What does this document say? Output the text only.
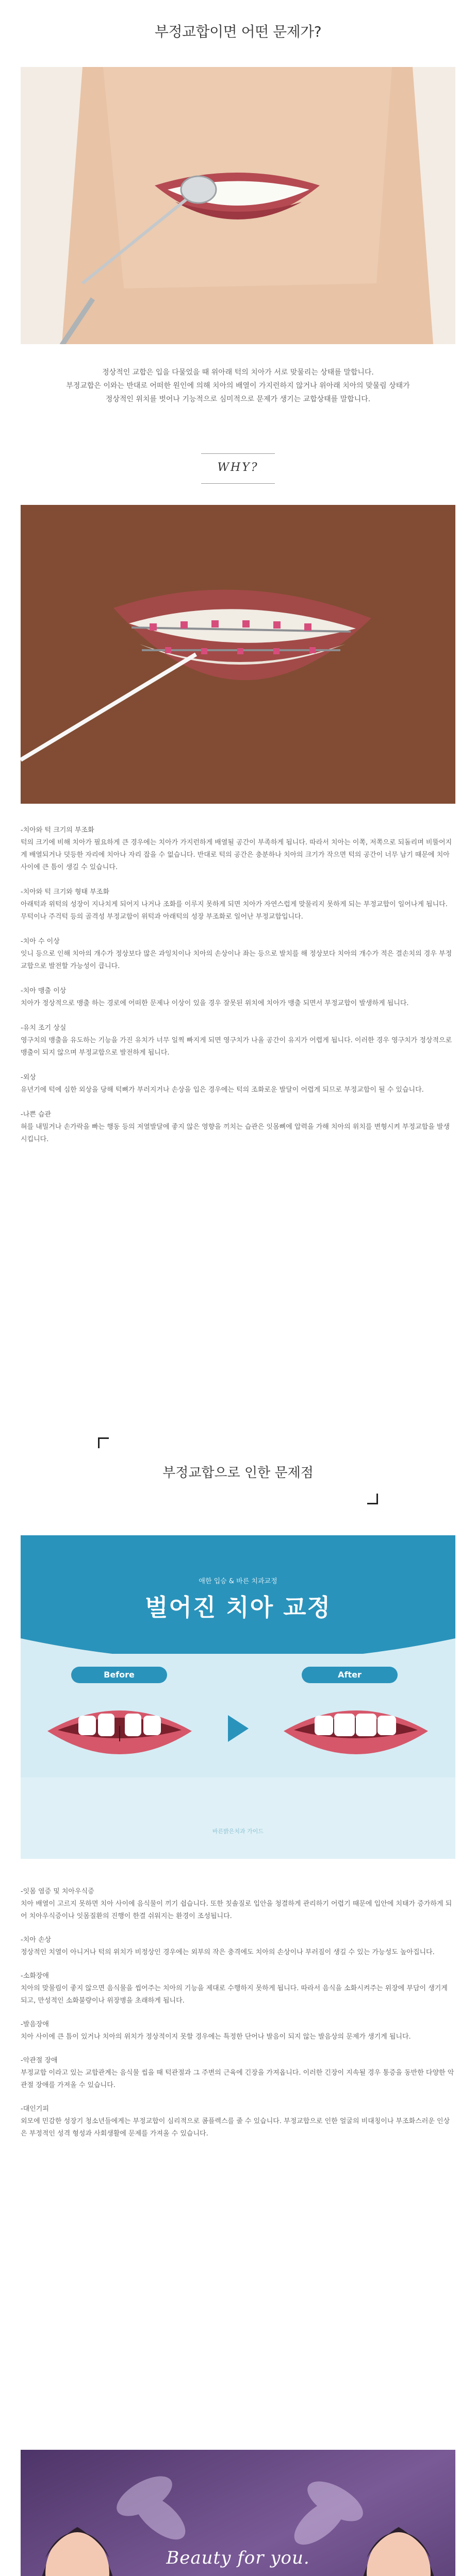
부정교합이면 어떤 문제가?
정상적인 교합은 입을 다물었을 때 위아래 턱의 치아가 서로 맞물리는 상태를 말합니다.
부정교합은 이와는 반대로 어떠한 원인에 의해 치아의 배열이 가지런하지 않거나 위아래 치아의 맞물림 상태가
정상적인 위치를 벗어나 기능적으로 심미적으로 문제가 생기는 교합상태를 말합니다.
WHY?
-치아와 턱 크기의 부조화
턱의 크기에 비해 치아가 필요하게 큰 경우에는 치아가 가지런하게 배열될 공간이 부족하게 됩니다. 따라서 치아는 이쪽, 저쪽으로 되돌리며 비뚤어지게 배열되거나 덧등한 자리에 치아나 자리 잡을 수 없습니다. 반대로 턱의 공간은 충분하나 치아의 크기가 작으면 턱의 공간이 너무 남기 때문에 치아 사이에 큰 틈이 생길 수 있습니다.
-치아와 턱 크기와 형태 부조화
아래턱과 위턱의 성장이 지나치게 되어지 나거나 조화를 이루지 못하게 되면 치아가 자연스럽게 맞물리지 못하게 되는 부정교합이 일어나게 됩니다. 무턱이나 주걱턱 등의 골격성 부정교합이 위턱과 아래턱의 성장 부조화로 일어난 부정교합입니다.
-치아 수 이상
잇니 등으로 인해 치아의 개수가 정상보다 많은 과잉치이나 치아의 손상이나 좌는 등으로 발치를 해 정상보다 치아의 개수가 적은 결손치의 경우 부정교합으로 발전할 가능성이 큽니다.
-치아 맹출 이상
치아가 정상적으로 맹출 하는 경로에 어떠한 문제나 이상이 있을 경우 잘못된 위치에 치아가 맹출 되면서 부정교합이 발생하게 됩니다.
-유치 조기 상실
영구치의 맹출을 유도하는 기능을 가진 유치가 너무 일찍 빠지게 되면 영구치가 나올 공간이 유지가 어렵게 됩니다. 이러한 경우 영구치가 정상적으로 맹출이 되지 않으며 부정교합으로 발전하게 됩니다.
-외상
유년기에 턱에 심한 외상을 당해 턱뼈가 부러지거나 손상을 입은 경우에는 턱의 조화로운 발달이 어렵게 되므로 부정교합이 될 수 있습니다.
-나쁜 습관
혀를 내밀거나 손가락을 빠는 행동 등의 저열발달에 좋지 않은 영향을 끼치는 습관은 잇몸뼈에 압력을 가해 치아의 위치를 변형시켜 부정교합을 발생시킵니다.
부정교합으로 인한 문제점
애한 입승 & 바른 치과교정
벌어진 치아 교정
Before	After
바른밝은치과 가이드
-잇몸 염증 및 치아우식증
치아 배열이 고르지 못하면 치아 사이에 음식물이 끼기 쉽습니다. 또한 칫솔질로 입안을 청결하게 관리하기 어렵기 때문에 입안에 치태가 증가하게 되어 치아우식증이나 잇몸질환의 진행이 한결 쉬워지는 환경이 조성됩니다.
-치아 손상
정상적인 치열이 아니거나 턱의 위치가 비정상인 경우에는 외부의 작은 충격에도 치아의 손상이나 부러짐이 생길 수 있는 가능성도 높아집니다.
-소화장애
치아의 맞물림이 좋지 않으면 음식물을 씹어주는 치아의 기능을 제대로 수행하지 못하게 됩니다. 따라서 음식을 소화시켜주는 위장에 부담이 생기게 되고, 만성적인 소화불량이나 위장병을 초래하게 됩니다.
-발음장애
치아 사이에 큰 틈이 있거나 치아의 위치가 정상적이지 못할 경우에는 특정한 단어나 발음이 되지 않는 발음상의 문제가 생기게 됩니다.
-악관절 장애
부정교합 이라고 있는 교합관계는 음식물 씹을 때 턱관절과 그 주변의 근육에 긴장을 가져옵니다. 이러한 긴장이 지속될 경우 통증을 동반한 다양한 악관절 장애를 가져올 수 있습니다.
-대인기피
외모에 민감한 성장기 청소년들에게는 부정교합이 심리적으로 콤플렉스를 줄 수 있습니다. 부정교합으로 인한 얼굴의 비대칭이나 부조화스러운 인상은 부정적인 성격 형성과 사회생활에 문제를 가져올 수 있습니다.
Beauty for you.
